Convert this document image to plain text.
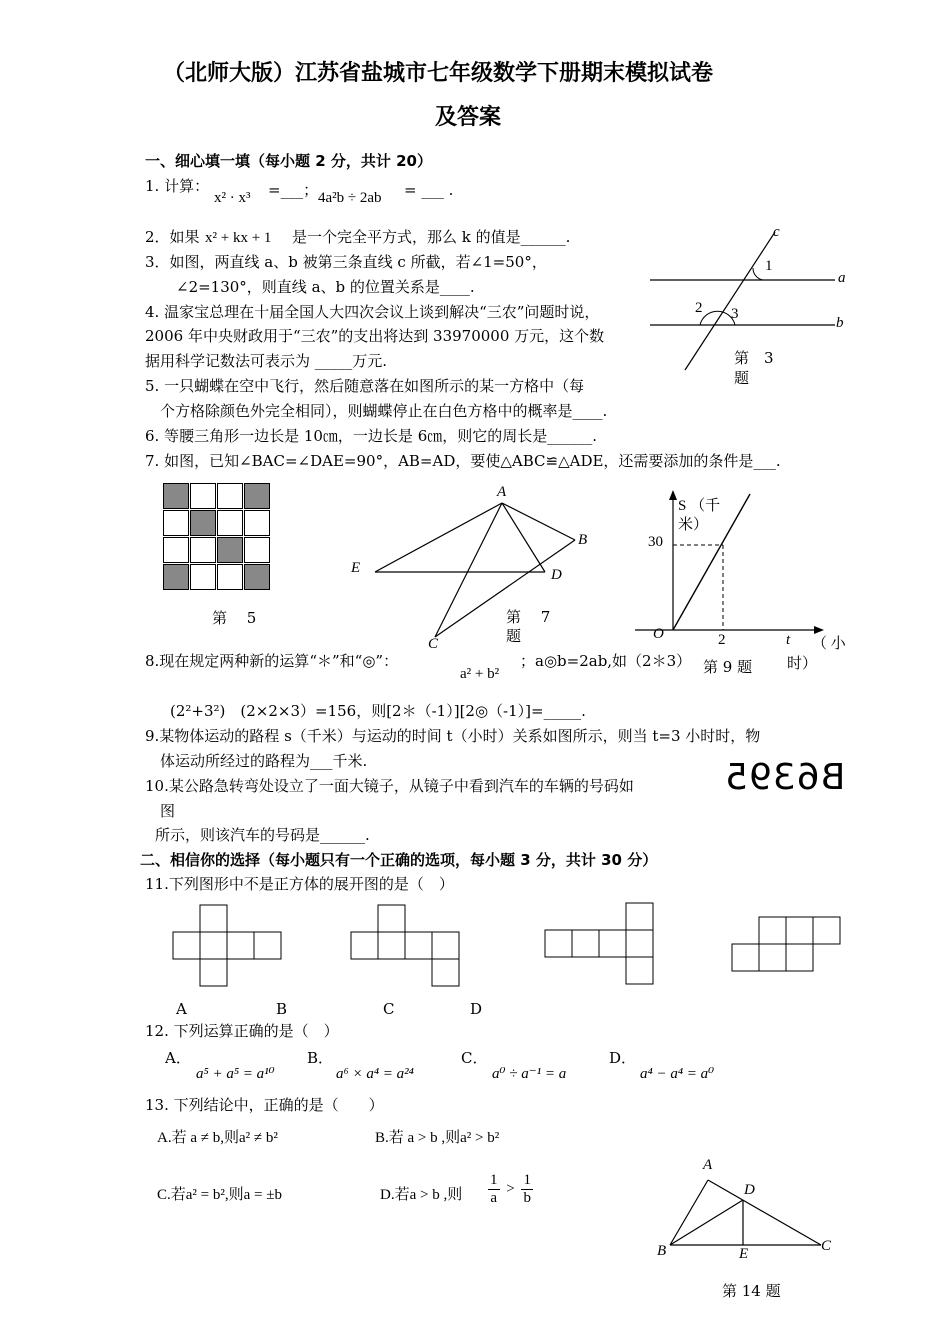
（北师大版）江苏省盐城市七年级数学下册期末模拟试卷
及答案
一、细心填一填（每小题 2 分，共计 20）
1. 计算：
x² · x³ =___； 4a²b ÷ 2ab = ___ .
2．如果 x² + kx + 1 是一个完全平方式，那么 k 的值是______.
3．如图，两直线 a、b 被第三条直线 c 所截，若∠1=50°，
∠2=130°，则直线 a、b 的位置关系是____.
c
a
b
1
2 3
第　3
题
4. 温家宝总理在十届全国人大四次会议上谈到解决“三农”问题时说，
2006 年中央财政用于“三农”的支出将达到 33970000 万元，这个数
据用科学记数法可表示为 _____万元.
5. 一只蝴蝶在空中飞行，然后随意落在如图所示的某一方格中（每
个方格除颜色外完全相同），则蝴蝶停止在白色方格中的概率是____.
6. 等腰三角形一边长是 10㎝，一边长是 6㎝，则它的周长是______.
7. 如图，已知∠BAC=∠DAE=90°，AB=AD，要使△ABC≌△ADE，还需要添加的条件是___.
第　 5
A
B
E	D
C
第　 7
题
S （千
米）
30
O	2	t （ 小
时）
第 9 题
8.现在规定两种新的运算“＊”和“◎”：
a² + b²
；a◎b=2ab,如（2＊3）
(2²+3²)　(2×2×3）=156，则[2＊（-1）][2◎（-1）]=_____.
9.某物体运动的路程 s（千米）与运动的时间 t（小时）关系如图所示，则当 t=3 小时时，物
体运动所经过的路程为___千米.
10.某公路急转弯处设立了一面大镜子，从镜子中看到汽车的车辆的号码如
图
所示，则该汽车的号码是______.
B6395
二、相信你的选择（每小题只有一个正确的选项，每小题 3 分，共计 30 分）
11.下列图形中不是正方体的展开图的是（　）
A	B	C	D
12. 下列运算正确的是（　）
A．
a⁵ + a⁵ = a¹⁰
B．
a⁶ × a⁴ = a²⁴
C．
a⁰ ÷ a⁻¹ = a
D．
a⁴ − a⁴ = a⁰
13. 下列结论中，正确的是（　　）
A.若 a ≠ b,则a² ≠ b²	B.若 a > b ,则a² > b²
C.若a² = b²,则a = ±b	D.若a > b ,则 $\frac{1}{a} > \frac{1}{b}$
A
D
B	E	C
第 14 题
